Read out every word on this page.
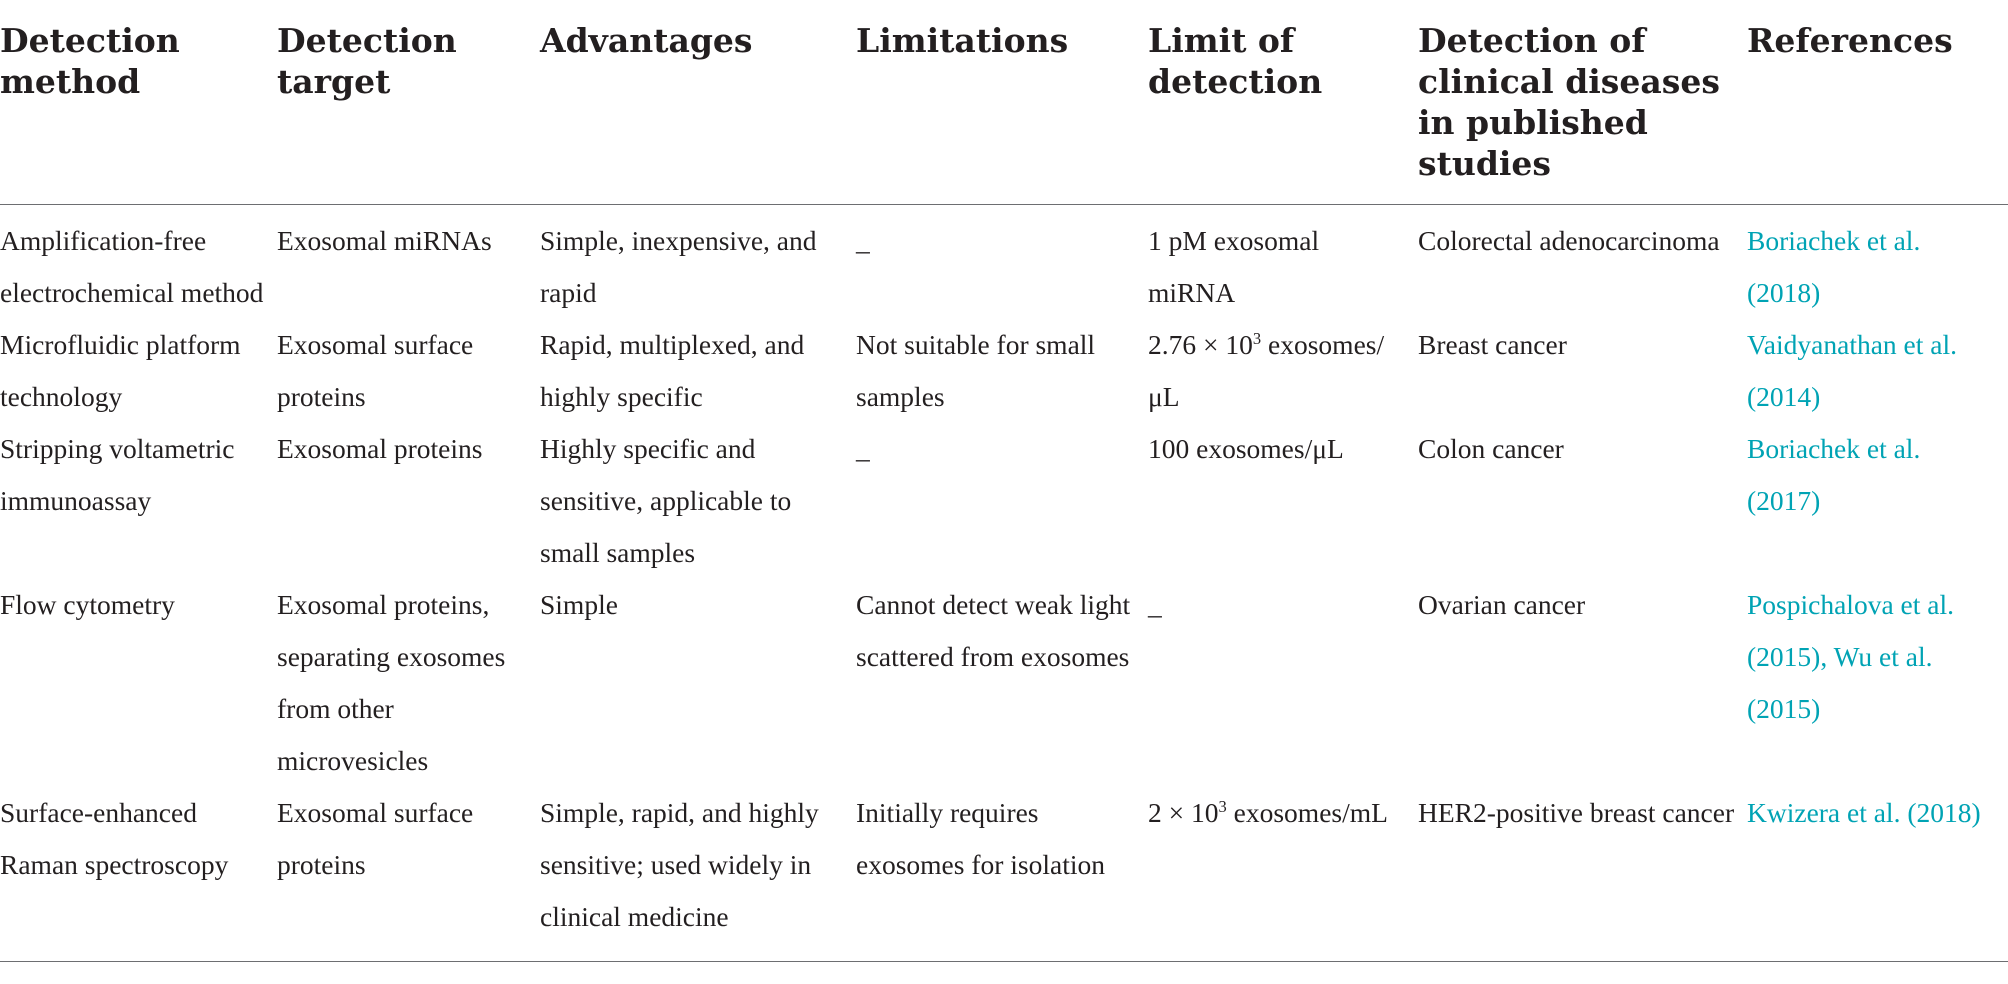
Detection method	Detection target	Advantages	Limitations	Limit of detection	Detection of clinical diseases in published studies	References
Amplification-free electrochemical method	Exosomal miRNAs	Simple, inexpensive, and rapid	_	1 pM exosomal miRNA	Colorectal adenocarcinoma	Boriachek et al. (2018)
Microfluidic platform technology	Exosomal surface proteins	Rapid, multiplexed, and highly specific	Not suitable for small samples	$2.76 \times 10^3$ exosomes/μL	Breast cancer	Vaidyanathan et al. (2014)
Stripping voltametric immunoassay	Exosomal proteins	Highly specific and sensitive, applicable to small samples	_	100 exosomes/μL	Colon cancer	Boriachek et al. (2017)
Flow cytometry	Exosomal proteins, separating exosomes from other microvesicles	Simple	Cannot detect weak light scattered from exosomes	_	Ovarian cancer	Pospichalova et al. (2015), Wu et al. (2015)
Surface-enhanced Raman spectroscopy	Exosomal surface proteins	Simple, rapid, and highly sensitive; used widely in clinical medicine	Initially requires exosomes for isolation	$2 \times 10^3$ exosomes/mL	HER2-positive breast cancer	Kwizera et al. (2018)
